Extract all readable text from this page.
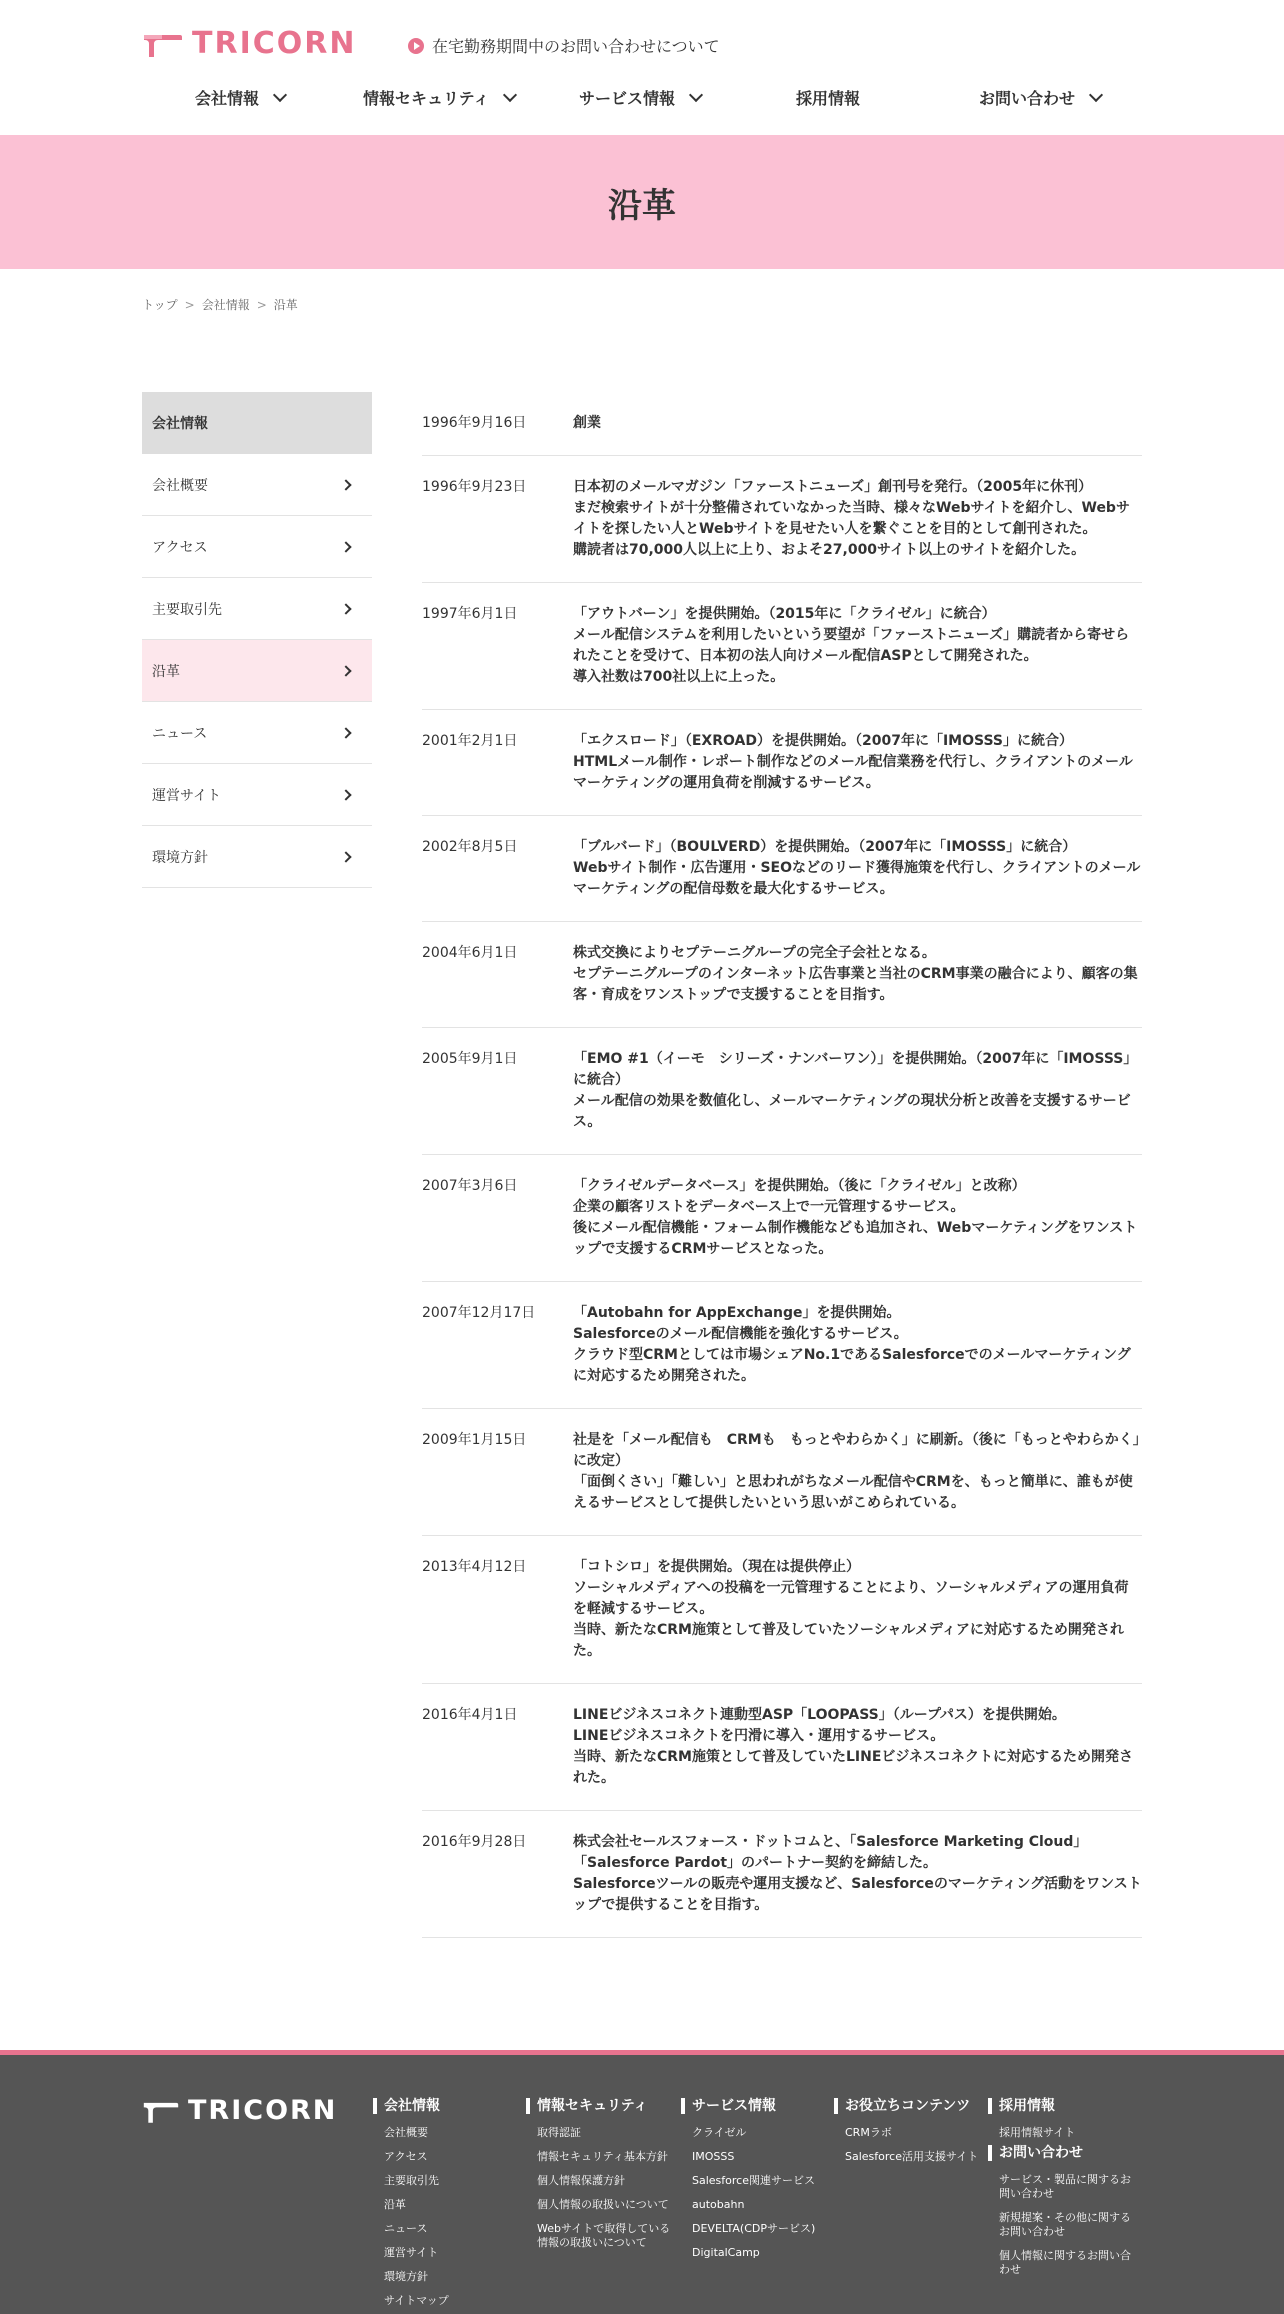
TRICORN	在宅勤務期間中のお問い合わせについて
会社情報	情報セキュリティ	サービス情報	採用情報	お問い合わせ
沿革
トップ > 会社情報 > 沿革
会社情報
会社概要
アクセス
主要取引先
沿革
ニュース
運営サイト
環境方針
1996年9月16日	創業
1996年9月23日	日本初のメールマガジン「ファーストニューズ」創刊号を発行。（2005年に休刊）
まだ検索サイトが十分整備されていなかった当時、様々なWebサイトを紹介し、Webサイトを探したい人とWebサイトを見せたい人を繋ぐことを目的として創刊された。
購読者は70,000人以上に上り、およそ27,000サイト以上のサイトを紹介した。
1997年6月1日	「アウトバーン」を提供開始。（2015年に「クライゼル」に統合）
メール配信システムを利用したいという要望が「ファーストニューズ」購読者から寄せられたことを受けて、日本初の法人向けメール配信ASPとして開発された。
導入社数は700社以上に上った。
2001年2月1日	「エクスロード」（EXROAD）を提供開始。（2007年に「IMOSSS」に統合）
HTMLメール制作・レポート制作などのメール配信業務を代行し、クライアントのメールマーケティングの運用負荷を削減するサービス。
2002年8月5日	「ブルバード」（BOULVERD）を提供開始。（2007年に「IMOSSS」に統合）
Webサイト制作・広告運用・SEOなどのリード獲得施策を代行し、クライアントのメールマーケティングの配信母数を最大化するサービス。
2004年6月1日	株式交換によりセプテーニグループの完全子会社となる。
セプテーニグループのインターネット広告事業と当社のCRM事業の融合により、顧客の集客・育成をワンストップで支援することを目指す。
2005年9月1日	「EMO #1（イーモ　シリーズ・ナンバーワン）」を提供開始。（2007年に「IMOSSS」に統合）
メール配信の効果を数値化し、メールマーケティングの現状分析と改善を支援するサービス。
2007年3月6日	「クライゼルデータベース」を提供開始。（後に「クライゼル」と改称）
企業の顧客リストをデータベース上で一元管理するサービス。
後にメール配信機能・フォーム制作機能なども追加され、Webマーケティングをワンストップで支援するCRMサービスとなった。
2007年12月17日	「Autobahn for AppExchange」を提供開始。
Salesforceのメール配信機能を強化するサービス。
クラウド型CRMとしては市場シェアNo.1であるSalesforceでのメールマーケティングに対応するため開発された。
2009年1月15日	社是を「メール配信も　CRMも　もっとやわらかく」に刷新。（後に「もっとやわらかく」に改定）
「面倒くさい」「難しい」と思われがちなメール配信やCRMを、もっと簡単に、誰もが使えるサービスとして提供したいという思いがこめられている。
2013年4月12日	「コトシロ」を提供開始。（現在は提供停止）
ソーシャルメディアへの投稿を一元管理することにより、ソーシャルメディアの運用負荷を軽減するサービス。
当時、新たなCRM施策として普及していたソーシャルメディアに対応するため開発された。
2016年4月1日	LINEビジネスコネクト連動型ASP「LOOPASS」（ループパス）を提供開始。
LINEビジネスコネクトを円滑に導入・運用するサービス。
当時、新たなCRM施策として普及していたLINEビジネスコネクトに対応するため開発された。
2016年9月28日	株式会社セールスフォース・ドットコムと、「Salesforce Marketing Cloud」「Salesforce Pardot」のパートナー契約を締結した。
Salesforceツールの販売や運用支援など、Salesforceのマーケティング活動をワンストップで提供することを目指す。
TRICORN	会社情報
会社概要
アクセス
主要取引先
沿革
ニュース
運営サイト
環境方針
サイトマップ
情報セキュリティ
取得認証
情報セキュリティ基本方針
個人情報保護方針
個人情報の取扱いについて
Webサイトで取得している情報の取扱いについて
サービス情報
クライゼル
IMOSSS
Salesforce関連サービス
autobahn
DEVELTA(CDPサービス)
DigitalCamp
お役立ちコンテンツ
CRMラボ
Salesforce活用支援サイト
採用情報
採用情報サイト
お問い合わせ
サービス・製品に関するお問い合わせ
新規提案・その他に関するお問い合わせ
個人情報に関するお問い合わせ
